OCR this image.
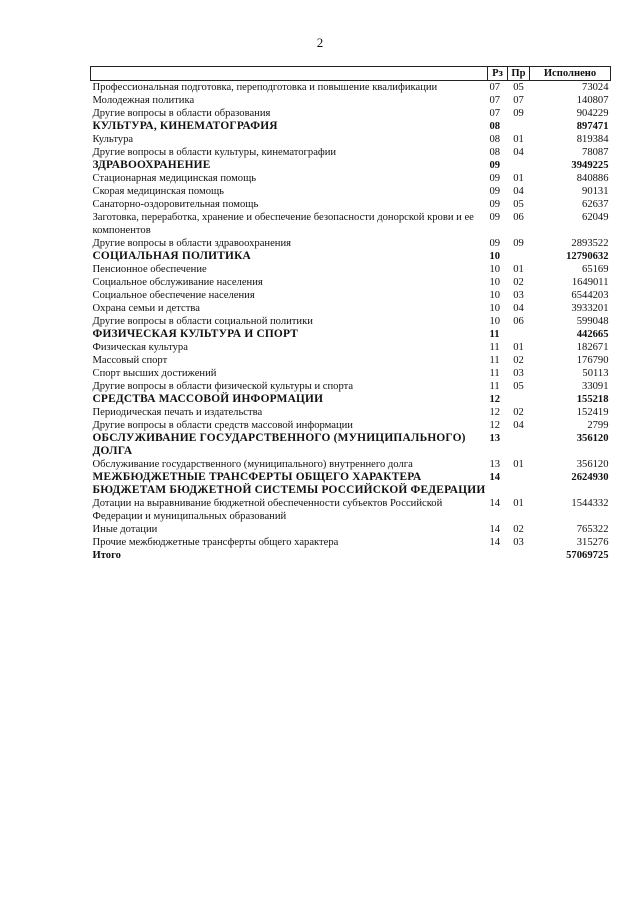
2
	Рз	Пр	Исполнено
Профессиональная подготовка, переподготовка и повышение квалификации	07	05	73024
Молодежная политика	07	07	140807
Другие вопросы в области образования	07	09	904229
КУЛЬТУРА, КИНЕМАТОГРАФИЯ	08		897471
Культура	08	01	819384
Другие вопросы в области культуры, кинематографии	08	04	78087
ЗДРАВООХРАНЕНИЕ	09		3949225
Стационарная медицинская помощь	09	01	840886
Скорая медицинская помощь	09	04	90131
Санаторно-оздоровительная помощь	09	05	62637
Заготовка, переработка, хранение и обеспечение безопасности донорской крови и ее компонентов	09	06	62049
Другие вопросы в области здравоохранения	09	09	2893522
СОЦИАЛЬНАЯ ПОЛИТИКА	10		12790632
Пенсионное обеспечение	10	01	65169
Социальное обслуживание населения	10	02	1649011
Социальное обеспечение населения	10	03	6544203
Охрана семьи и детства	10	04	3933201
Другие вопросы в области социальной политики	10	06	599048
ФИЗИЧЕСКАЯ КУЛЬТУРА И СПОРТ	11		442665
Физическая культура	11	01	182671
Массовый спорт	11	02	176790
Спорт высших достижений	11	03	50113
Другие вопросы в области физической культуры и спорта	11	05	33091
СРЕДСТВА МАССОВОЙ ИНФОРМАЦИИ	12		155218
Периодическая печать и издательства	12	02	152419
Другие вопросы в области средств массовой информации	12	04	2799
ОБСЛУЖИВАНИЕ ГОСУДАРСТВЕННОГО (МУНИЦИПАЛЬНОГО) ДОЛГА	13		356120
Обслуживание государственного (муниципального) внутреннего долга	13	01	356120
МЕЖБЮДЖЕТНЫЕ ТРАНСФЕРТЫ ОБЩЕГО ХАРАКТЕРА БЮДЖЕТАМ БЮДЖЕТНОЙ СИСТЕМЫ РОССИЙСКОЙ ФЕДЕРАЦИИ	14		2624930
Дотации на выравнивание бюджетной обеспеченности субъектов Российской Федерации и муниципальных образований	14	01	1544332
Иные дотации	14	02	765322
Прочие межбюджетные трансферты общего характера	14	03	315276
Итого			57069725
